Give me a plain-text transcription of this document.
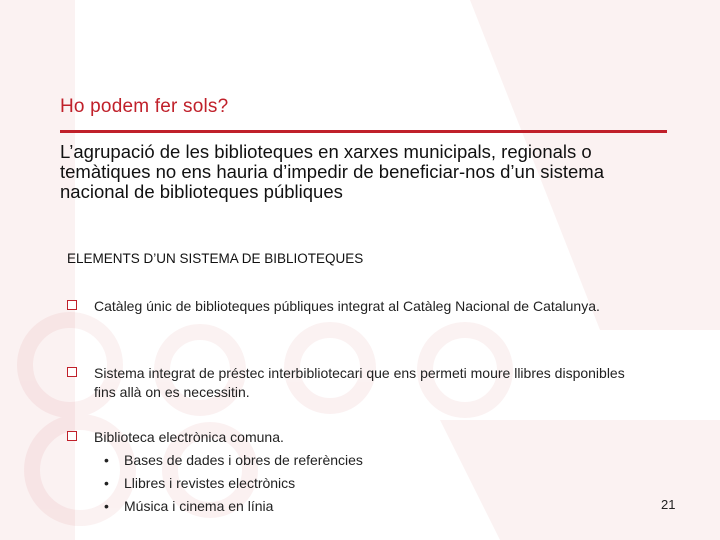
Ho podem fer sols?
L’agrupació de les biblioteques en xarxes municipals, regionals o temàtiques no ens hauria d’impedir de beneficiar-nos d’un sistema nacional de biblioteques públiques
ELEMENTS D’UN SISTEMA DE BIBLIOTEQUES
Catàleg únic de biblioteques públiques integrat al Catàleg Nacional de Catalunya.
Sistema integrat de préstec interbibliotecari que ens permeti moure llibres disponibles fins allà on es necessitin.
Biblioteca electrònica comuna.
• Bases de dades i obres de referències
• Llibres i revistes electrònics
• Música i cinema en línia	21
